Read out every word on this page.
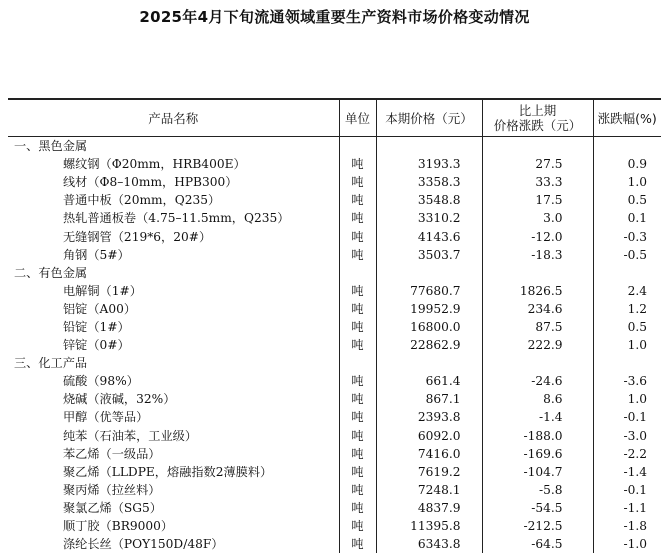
2025年4月下旬流通领域重要生产资料市场价格变动情况
产品名称	单位	本期价格（元）	比上期
价格涨跌（元）	涨跌幅(%)
一、黑色金属				
螺纹钢（Φ20mm，HRB400E）	吨	3193.3	27.5	0.9
线材（Φ8–10mm，HPB300）	吨	3358.3	33.3	1.0
普通中板（20mm，Q235）	吨	3548.8	17.5	0.5
热轧普通板卷（4.75–11.5mm，Q235）	吨	3310.2	3.0	0.1
无缝钢管（219*6，20#）	吨	4143.6	-12.0	-0.3
角钢（5#）	吨	3503.7	-18.3	-0.5
二、有色金属				
电解铜（1#）	吨	77680.7	1826.5	2.4
铝锭（A00）	吨	19952.9	234.6	1.2
铅锭（1#）	吨	16800.0	87.5	0.5
锌锭（0#）	吨	22862.9	222.9	1.0
三、化工产品				
硫酸（98%）	吨	661.4	-24.6	-3.6
烧碱（液碱，32%）	吨	867.1	8.6	1.0
甲醇（优等品）	吨	2393.8	-1.4	-0.1
纯苯（石油苯，工业级）	吨	6092.0	-188.0	-3.0
苯乙烯（一级品）	吨	7416.0	-169.6	-2.2
聚乙烯（LLDPE，熔融指数2薄膜料）	吨	7619.2	-104.7	-1.4
聚丙烯（拉丝料）	吨	7248.1	-5.8	-0.1
聚氯乙烯（SG5）	吨	4837.9	-54.5	-1.1
顺丁胶（BR9000）	吨	11395.8	-212.5	-1.8
涤纶长丝（POY150D/48F）	吨	6343.8	-64.5	-1.0
